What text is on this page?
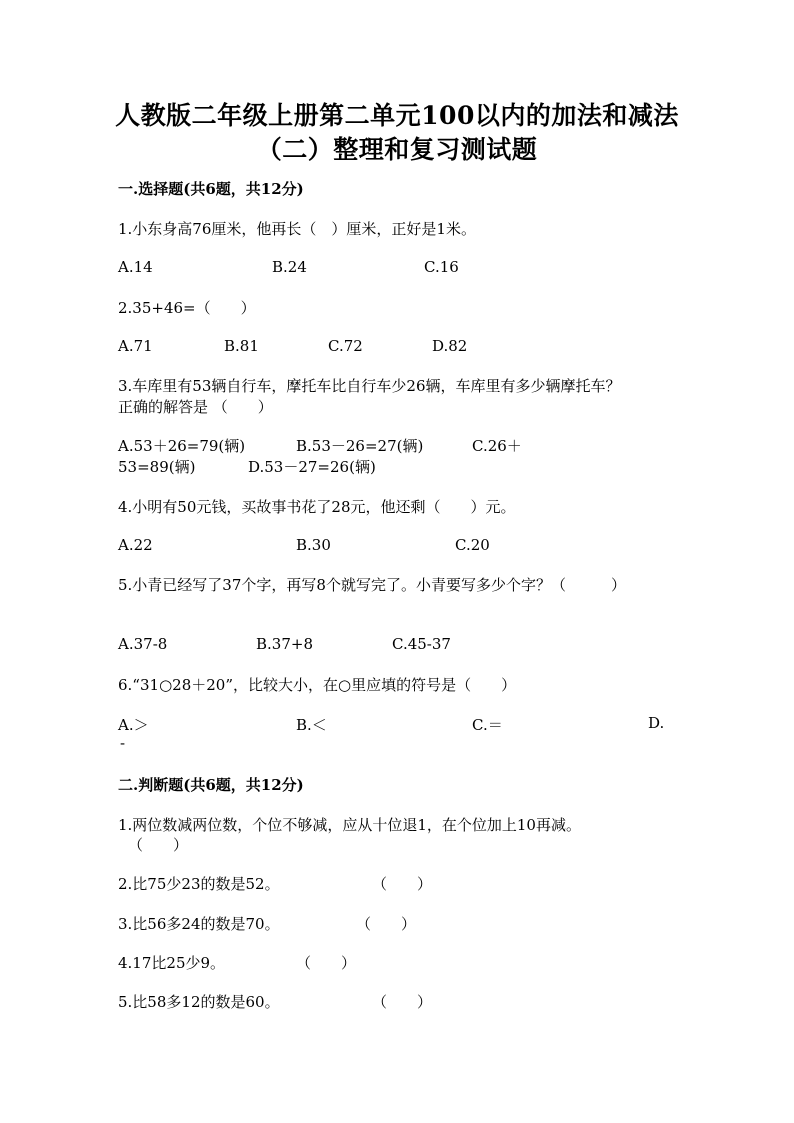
人教版二年级上册第二单元100以内的加法和减法
（二）整理和复习测试题
一.选择题(共6题，共12分)
1.小东身高76厘米，他再长（　）厘米，正好是1米。
A.14	B.24	C.16
2.35+46=（　　）
A.71	B.81	C.72	D.82
3.车库里有53辆自行车，摩托车比自行车少26辆，车库里有多少辆摩托车？
正确的解答是 （　　）
A.53＋26=79(辆)	B.53－26=27(辆)	C.26＋
53=89(辆)	D.53－27=26(辆)
4.小明有50元钱，买故事书花了28元，他还剩（　　）元。
A.22	B.30	C.20
5.小青已经写了37个字，再写8个就写完了。小青要写多少个字？（　　　）
A.37-8	B.37+8	C.45-37
6.“31○28＋20”，比较大小，在○里应填的符号是（　　）
A.＞	B.＜	C.＝	D.
-
二.判断题(共6题，共12分)
1.两位数减两位数，个位不够减，应从十位退1，在个位加上10再减。
（　　）
2.比75少23的数是52。	（　　）
3.比56多24的数是70。	（　　）
4.17比25少9。	（　　）
5.比58多12的数是60。	（　　）
